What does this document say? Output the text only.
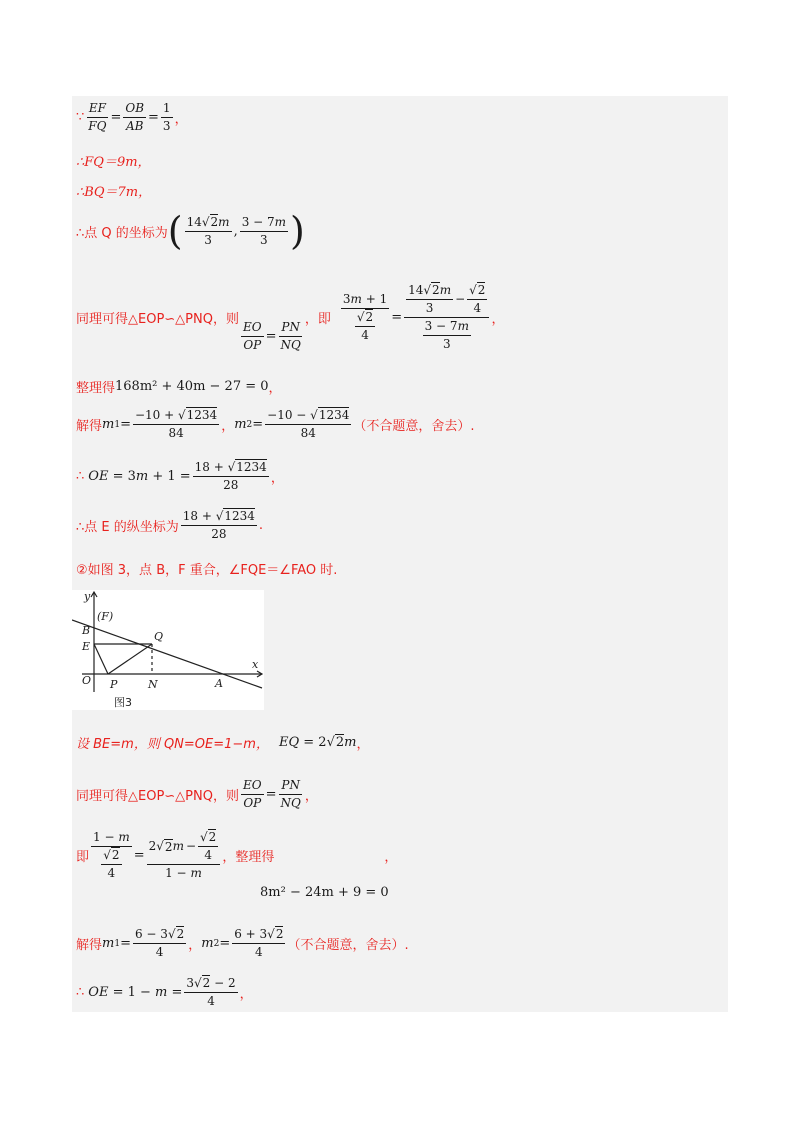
∵ $\frac{EF}{FQ} = \frac{OB}{AB} = \frac{1}{3}$ ，
∴FQ＝9m，
∴BQ＝7m，
∴点 Q 的坐标为 ( $\frac{14√2m}{3}$ , $\frac{3 - 7m}{3}$ )
同理可得△EOP∽△PNQ，则
$\frac{EO}{OP} = \frac{PN}{NQ}$
，即 $\frac{3m + 1}{\frac{√2}{4}} = \frac{\frac{14√2m}{3} - \frac{√2}{4}}{\frac{3 - 7m}{3}}$ ，
整理得 168m² + 40m − 27 = 0 ，
解得 m $1 = \frac{-10 + √1234}{84}$ ， m $2 = \frac{-10 - √1234}{84}$ （不合题意，舍去）.
∴ OE = $3m + 1 = \frac{18 + √1234}{28}$ ，
∴点 E 的纵坐标为 $\frac{18 + √1234}{28}$ .
②如图 3，点 B，F 重合，∠FQE＝∠FAO 时.
y
x
(F)
B	Q
E
O P	N	A
图3
设 BE=m，则 QN=OE=1−m， EQ = 2√2m ，
同理可得△EOP∽△PNQ，则 $\frac{EO}{OP} = \frac{PN}{NQ}$ ，
即 $\frac{1 - m}{\frac{√2}{4}} = \frac{2√ 2 m - \frac{√2}{4}}{1 - m}$ ，整理得	，
8m² − 24m + 9 = 0
解得 m $1 = \frac{6 - 3√2}{4}$ ， m $2 = \frac{6 + 3√2}{4}$ （不合题意，舍去）.
∴ OE = $1 - m = \frac{3√2 - 2}{4}$ ，
